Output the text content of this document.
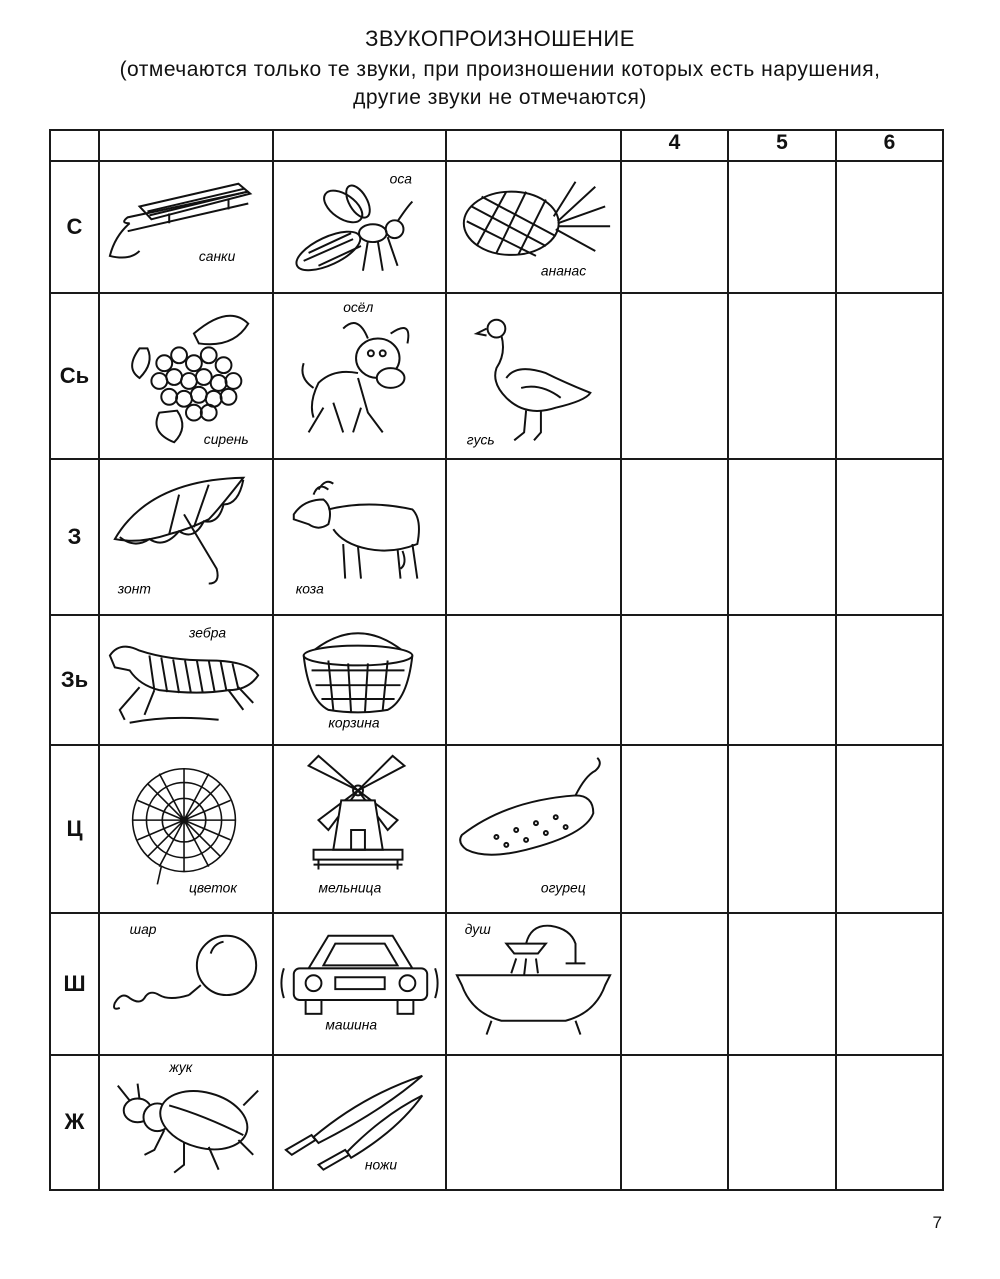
ЗВУКОПРОИЗНОШЕНИЕ
(отмечаются только те звуки, при произношении которых есть нарушения,
другие звуки не отмечаются)
				4	5	6
С	санки	оса	ананас			

Сь	сирень	осёл	гусь			

З	зонт	коза				

Зь	зебра	корзина				

Ц	цветок	мельница	огурец			

Ш	шар	машина	душ			

Ж	жук	ножи				

7
